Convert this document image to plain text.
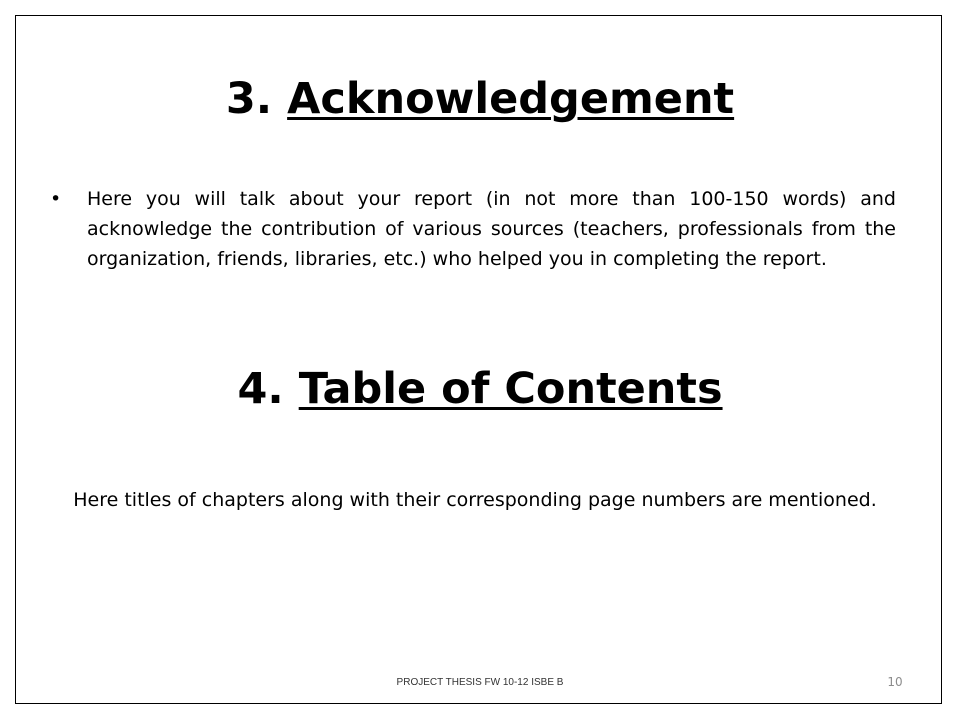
3. Acknowledgement
• Here you will talk about your report (in not more than 100-150 words) and acknowledge the contribution of various sources (teachers, professionals from the organization, friends, libraries, etc.) who helped you in completing the report.
4. Table of Contents
Here titles of chapters along with their corresponding page numbers are mentioned.
PROJECT THESIS FW 10-12 ISBE B	10
